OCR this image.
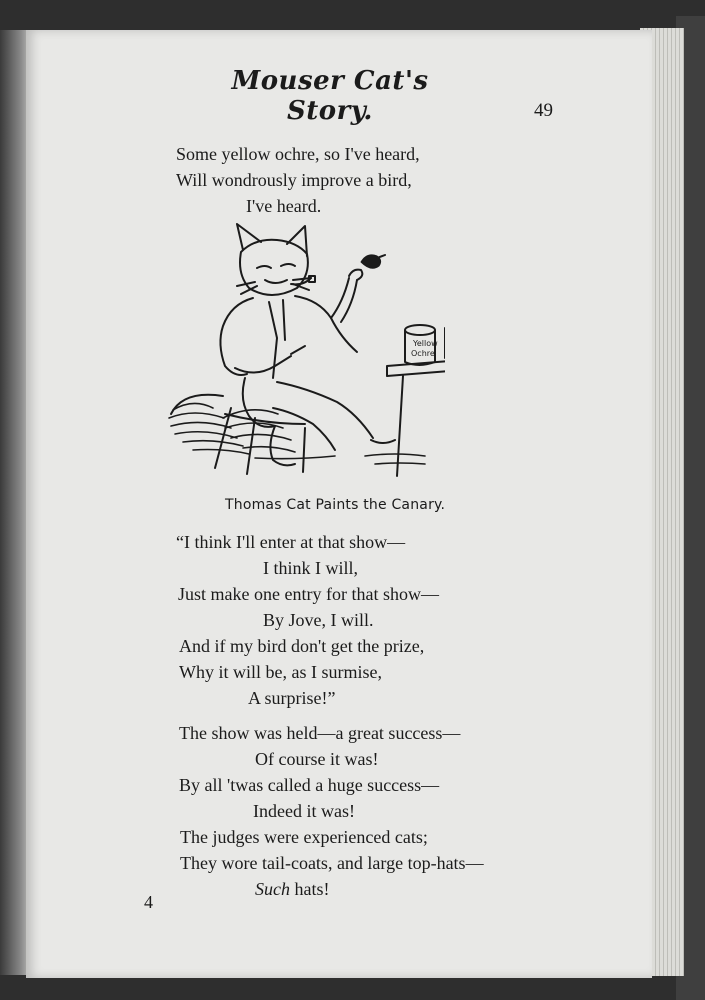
Mouser Cat's Story.	49
Some yellow ochre, so I've heard,
Will wondrously improve a bird,
I've heard.
Yellow
Ochre
Thomas Cat Paints the Canary.
“I think I'll enter at that show—
I think I will,
Just make one entry for that show—
By Jove, I will.
And if my bird don't get the prize,
Why it will be, as I surmise,
A surprise!”
The show was held—a great success—
Of course it was!
By all 'twas called a huge success—
Indeed it was!
The judges were experienced cats;
They wore tail-coats, and large top-hats—
Such hats!
4
